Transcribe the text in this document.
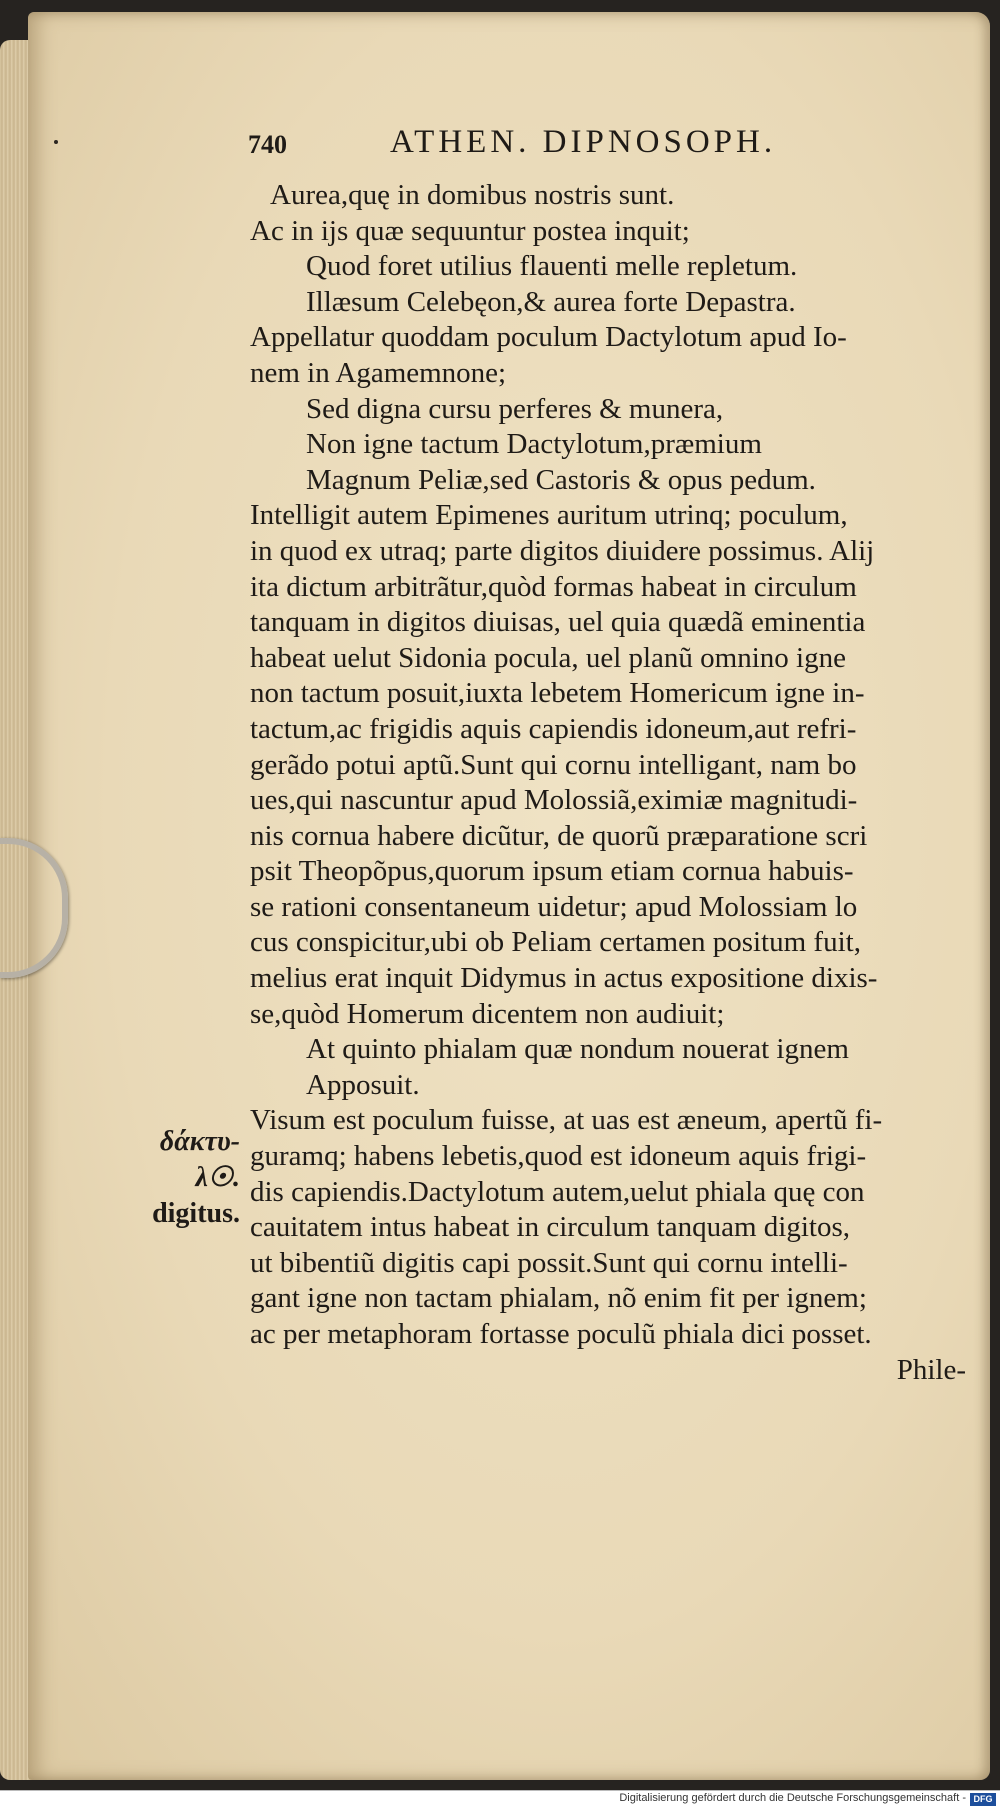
740	ATHEN. DIPNOSOPH.
Aurea,quę in domibus nostris sunt.
Ac in ijs quæ sequuntur postea inquit;
Quod foret utilius flauenti melle repletum.
Illæsum Celebęon,& aurea forte Depastra.
Appellatur quoddam poculum Dactylotum apud Io-
nem in Agamemnone;
Sed digna cursu perferes & munera,
Non igne tactum Dactylotum,præmium
Magnum Peliæ,sed Castoris & opus pedum.
Intelligit autem Epimenes auritum utrinq; poculum,
in quod ex utraq; parte digitos diuidere possimus. Alij
ita dictum arbitrãtur,quòd formas habeat in circulum
tanquam in digitos diuisas, uel quia quædã eminentia
habeat uelut Sidonia pocula, uel planũ omnino igne
non tactum posuit,iuxta lebetem Homericum igne in-
tactum,ac frigidis aquis capiendis idoneum,aut refri-
gerãdo potui aptũ.Sunt qui cornu intelligant, nam bo
ues,qui nascuntur apud Molossiã,eximiæ magnitudi-
nis cornua habere dicũtur, de quorũ præparatione scri
psit Theopõpus,quorum ipsum etiam cornua habuis-
se rationi consentaneum uidetur; apud Molossiam lo
cus conspicitur,ubi ob Peliam certamen positum fuit,
melius erat inquit Didymus in actus expositione dixis-
se,quòd Homerum dicentem non audiuit;
At quinto phialam quæ nondum nouerat ignem
Apposuit.
Visum est poculum fuisse, at uas est æneum, apertũ fi-
guramq; habens lebetis,quod est idoneum aquis frigi-
dis capiendis.Dactylotum autem,uelut phiala quę con
cauitatem intus habeat in circulum tanquam digitos,
ut bibentiũ digitis capi possit.Sunt qui cornu intelli-
gant igne non tactam phialam, nõ enim fit per ignem;
ac per metaphoram fortasse poculũ phiala dici posset.
Phile-
δάκτυ-
λ☉.
digitus.
Digitalisierung gefördert durch die Deutsche Forschungsgemeinschaft - DFG
